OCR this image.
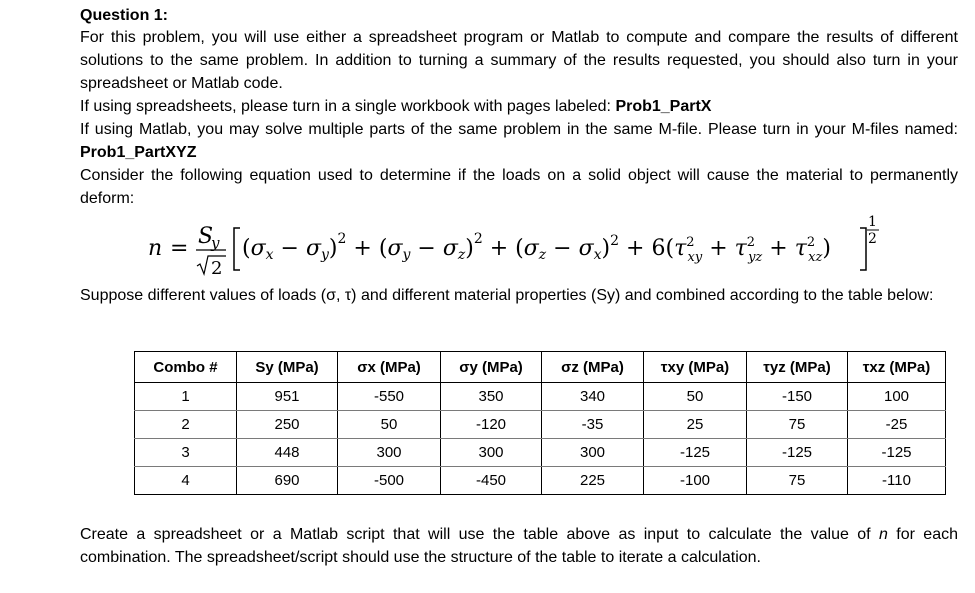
Question 1:

For this problem, you will use either a spreadsheet program or Matlab to compute and compare the results of different solutions to the same problem. In addition to turning a summary of the results requested, you should also turn in your spreadsheet or Matlab code.

If using spreadsheets, please turn in a single workbook with pages labeled: Prob1_PartX

If using Matlab, you may solve multiple parts of the same problem in the same M-file. Please turn in your M-files named: Prob1_PartXYZ

Consider the following equation used to determine if the loads on a solid object will cause the material to permanently deform:

n = S
y
2
$(\sigma x - \sigma y)^2 + (\sigma y - \sigma z)^2 + (\sigma z - \sigma x)^2 + 6(\tau^2$ xy + $\tau^2$ yz + $\tau^2$ xz)
1
2

Suppose different values of loads (σ, τ) and different material properties (Sy) and combined according to the table below:

Combo #	Sy (MPa)	σx (MPa)	σy (MPa)	σz (MPa)	τxy (MPa)	τyz (MPa)	τxz (MPa)
1	951	-550	350	340	50	-150	100
2	250	50	-120	-35	25	75	-25
3	448	300	300	300	-125	-125	-125
4	690	-500	-450	225	-100	75	-110

Create a spreadsheet or a Matlab script that will use the table above as input to calculate the value of n for each combination. The spreadsheet/script should use the structure of the table to iterate a calculation.
